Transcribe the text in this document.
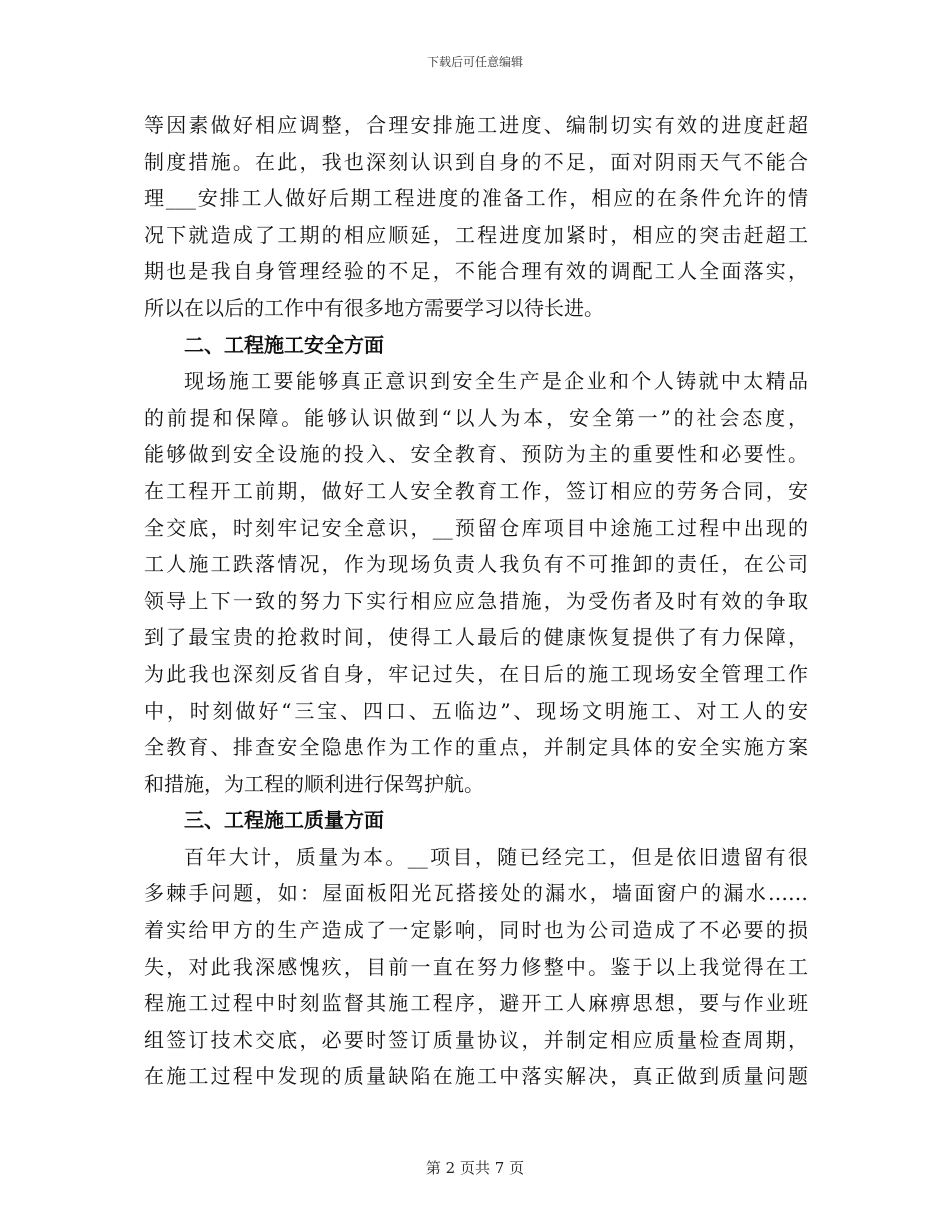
下载后可任意编辑
等因素做好相应调整，合理安排施工进度、编制切实有效的进度赶超
制度措施。在此，我也深刻认识到自身的不足，面对阴雨天气不能合
理___安排工人做好后期工程进度的准备工作，相应的在条件允许的情
况下就造成了工期的相应顺延，工程进度加紧时，相应的突击赶超工
期也是我自身管理经验的不足，不能合理有效的调配工人全面落实，
所以在以后的工作中有很多地方需要学习以待长进。
二、工程施工安全方面
现场施工要能够真正意识到安全生产是企业和个人铸就中太精品
的前提和保障。能够认识做到“以人为本，安全第一”的社会态度，
能够做到安全设施的投入、安全教育、预防为主的重要性和必要性。
在工程开工前期，做好工人安全教育工作，签订相应的劳务合同，安
全交底，时刻牢记安全意识，__预留仓库项目中途施工过程中出现的
工人施工跌落情况，作为现场负责人我负有不可推卸的责任，在公司
领导上下一致的努力下实行相应应急措施，为受伤者及时有效的争取
到了最宝贵的抢救时间，使得工人最后的健康恢复提供了有力保障，
为此我也深刻反省自身，牢记过失，在日后的施工现场安全管理工作
中，时刻做好“三宝、四口、五临边”、现场文明施工、对工人的安
全教育、排查安全隐患作为工作的重点，并制定具体的安全实施方案
和措施，为工程的顺利进行保驾护航。
三、工程施工质量方面
百年大计，质量为本。__项目，随已经完工，但是依旧遗留有很
多棘手问题，如：屋面板阳光瓦搭接处的漏水，墙面窗户的漏水……
着实给甲方的生产造成了一定影响，同时也为公司造成了不必要的损
失，对此我深感愧疚，目前一直在努力修整中。鉴于以上我觉得在工
程施工过程中时刻监督其施工程序，避开工人麻痹思想，要与作业班
组签订技术交底，必要时签订质量协议，并制定相应质量检查周期，
在施工过程中发现的质量缺陷在施工中落实解决，真正做到质量问题
第 2 页共 7 页
